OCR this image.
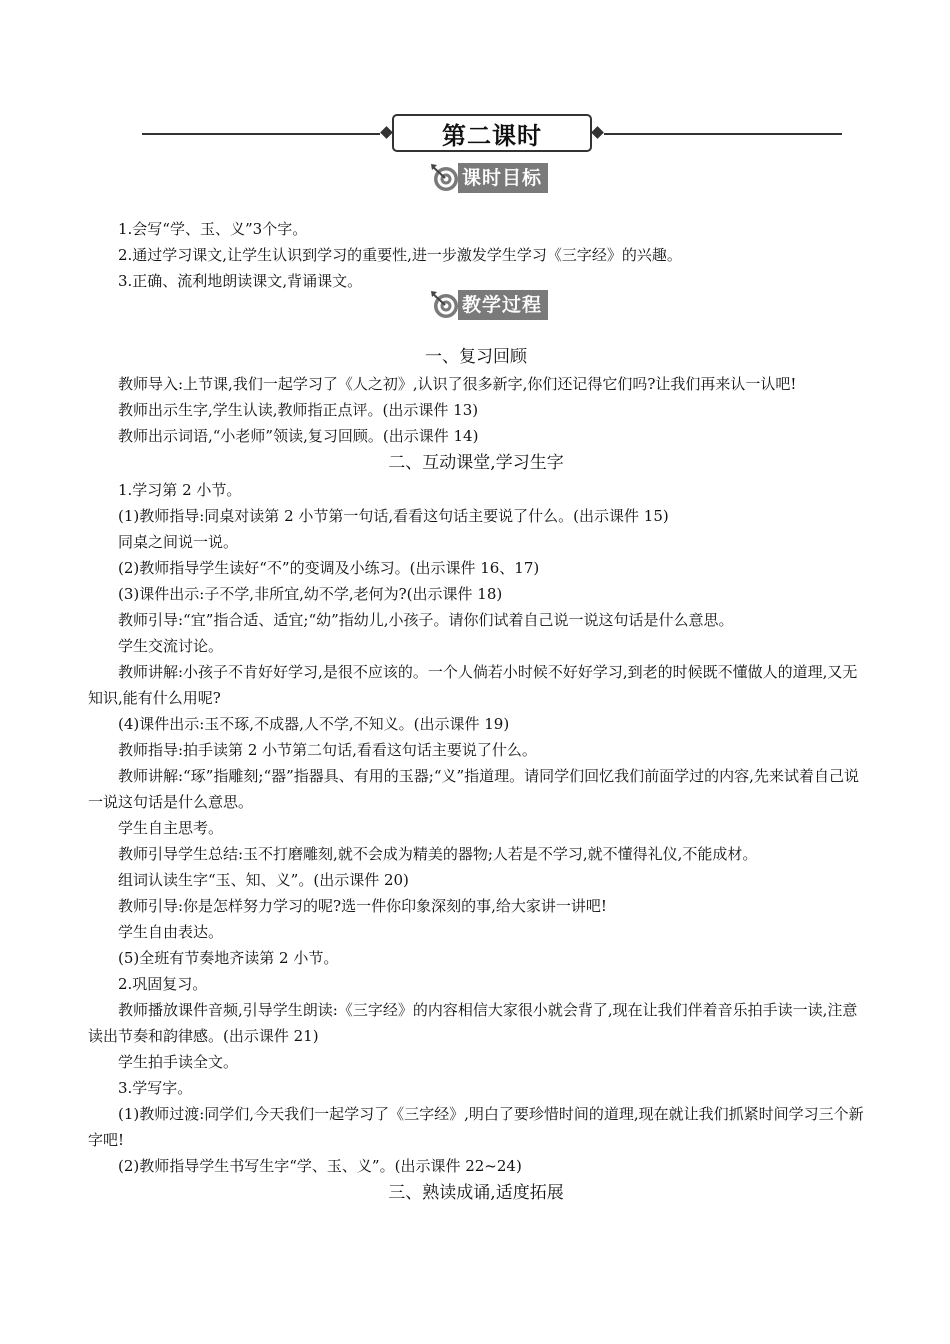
第二课时
课时目标

1.会写“学、玉、义”3个字。

2.通过学习课文,让学生认识到学习的重要性,进一步激发学生学习《三字经》的兴趣。

3.正确、流利地朗读课文,背诵课文。

教学过程
一、复习回顾

教师导入:上节课,我们一起学习了《人之初》,认识了很多新字,你们还记得它们吗?让我们再来认一认吧!

教师出示生字,学生认读,教师指正点评。(出示课件 13)

教师出示词语,“小老师”领读,复习回顾。(出示课件 14)

二、互动课堂,学习生字

1.学习第 2 小节。

(1)教师指导:同桌对读第 2 小节第一句话,看看这句话主要说了什么。(出示课件 15)

同桌之间说一说。

(2)教师指导学生读好“不”的变调及小练习。(出示课件 16、17)

(3)课件出示:子不学,非所宜,幼不学,老何为?(出示课件 18)

教师引导:“宜”指合适、适宜;“幼”指幼儿,小孩子。请你们试着自己说一说这句话是什么意思。

学生交流讨论。

教师讲解:小孩子不肯好好学习,是很不应该的。一个人倘若小时候不好好学习,到老的时候既不懂做人的道理,又无知识,能有什么用呢?

(4)课件出示:玉不琢,不成器,人不学,不知义。(出示课件 19)

教师指导:拍手读第 2 小节第二句话,看看这句话主要说了什么。

教师讲解:“琢”指雕刻;“器”指器具、有用的玉器;“义”指道理。请同学们回忆我们前面学过的内容,先来试着自己说一说这句话是什么意思。

学生自主思考。

教师引导学生总结:玉不打磨雕刻,就不会成为精美的器物;人若是不学习,就不懂得礼仪,不能成材。

组词认读生字“玉、知、义”。(出示课件 20)

教师引导:你是怎样努力学习的呢?选一件你印象深刻的事,给大家讲一讲吧!

学生自由表达。

(5)全班有节奏地齐读第 2 小节。

2.巩固复习。

教师播放课件音频,引导学生朗读:《三字经》的内容相信大家很小就会背了,现在让我们伴着音乐拍手读一读,注意读出节奏和韵律感。(出示课件 21)

学生拍手读全文。

3.学写字。

(1)教师过渡:同学们,今天我们一起学习了《三字经》,明白了要珍惜时间的道理,现在就让我们抓紧时间学习三个新字吧!

(2)教师指导学生书写生字“学、玉、义”。(出示课件 22~24)

三、熟读成诵,适度拓展
